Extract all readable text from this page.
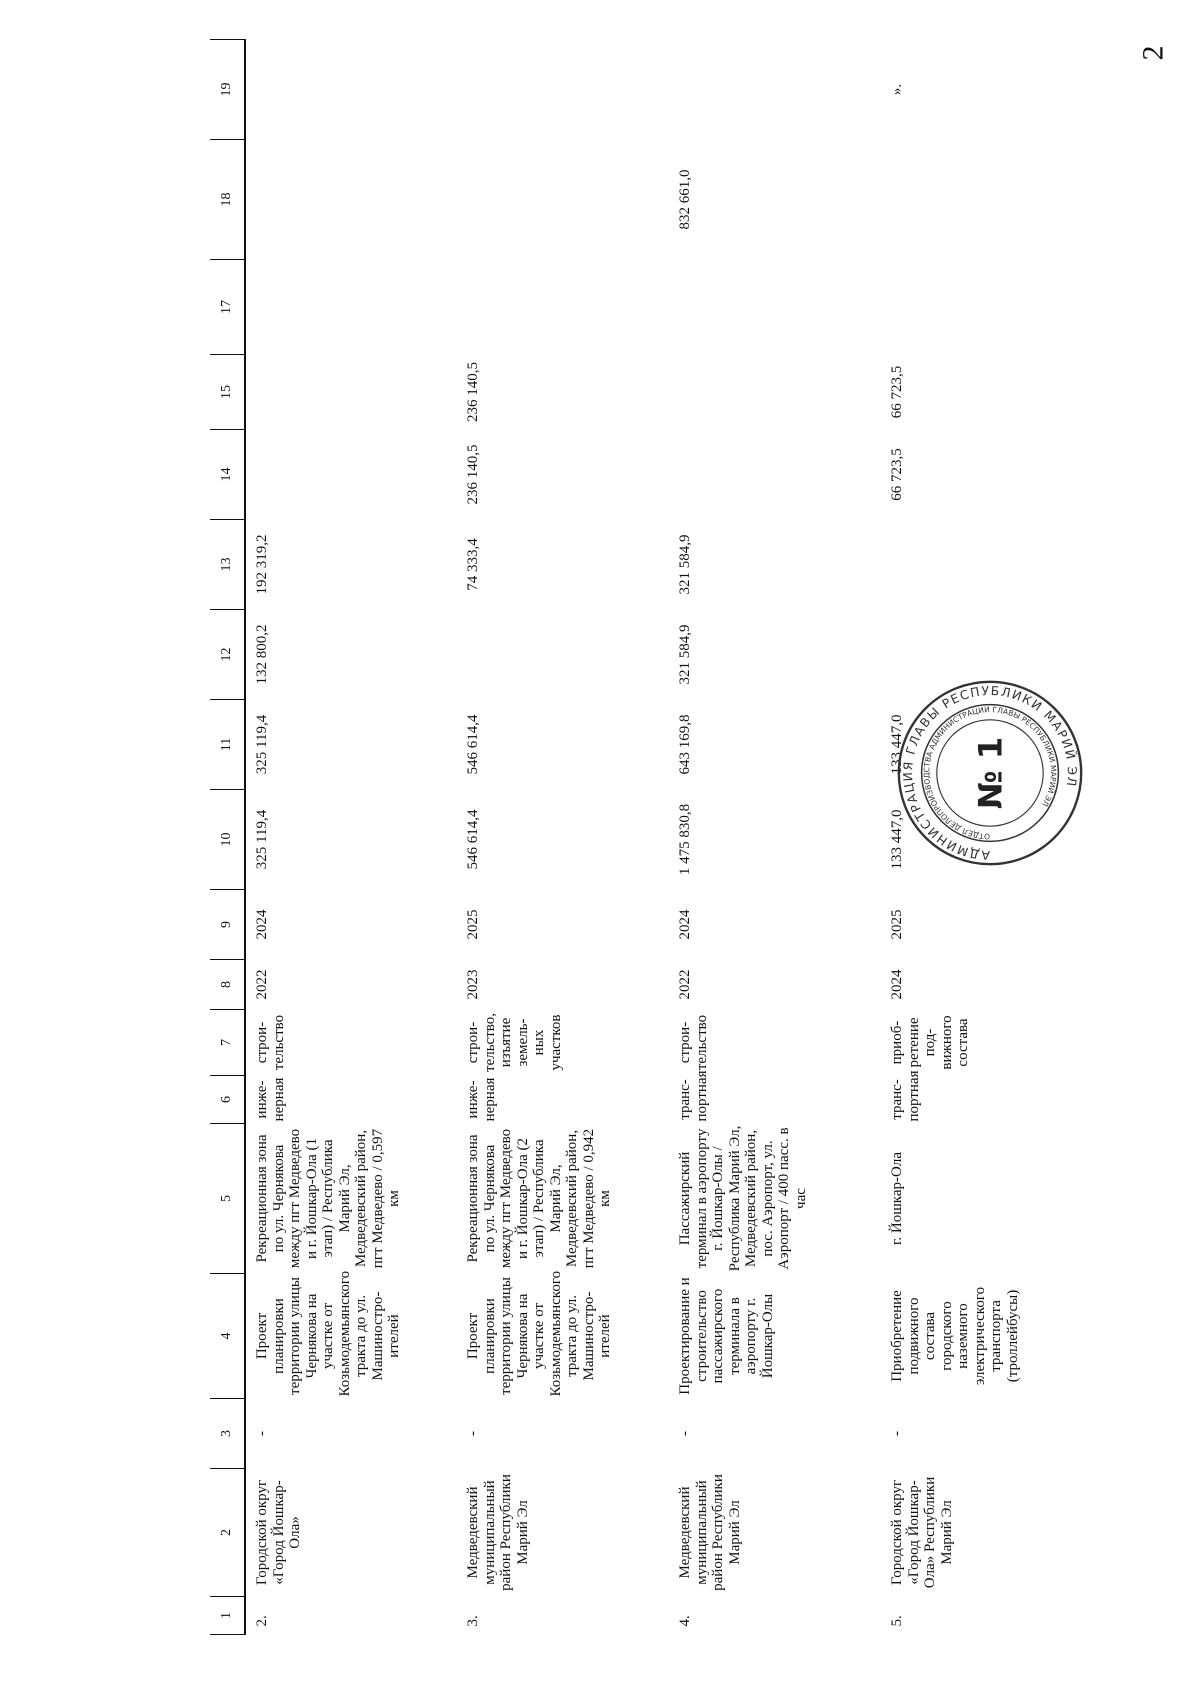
2
1	2	3	4	5	6	7	8	9	10	11	12	13	14	15	17	18	19
2.	Городской округ «Город Йошкар-Ола»	-	Проект планировки территории улицы Чернякова на участке от Козьмодемьянского тракта до ул. Машиностро-ителей	Рекреационная зона по ул. Чернякова между пгт Медведево и г. Йошкар-Ола (1 этап) / Республика Марий Эл, Медведевский район, пгт Медведево / 0,597 км	инже-нерная	строи-тельство	2022	2024	325 119,4	325 119,4	132 800,2	192 319,2					
3.	Медведевский муниципальный район Республики Марий Эл	-	Проект планировки территории улицы Чернякова на участке от Козьмодемьянского тракта до ул. Машиностро-ителей	Рекреационная зона по ул. Чернякова между пгт Медведево и г. Йошкар-Ола (2 этап) / Республика Марий Эл, Медведевский район, пгт Медведево / 0,942 км	инже-нерная	строи-тельство, изъятие земель-ных участков	2023	2025	546 614,4	546 614,4		74 333,4	236 140,5	236 140,5			
4.	Медведевский муниципальный район Республики Марий Эл	-	Проектирование и строительство пассажирского терминала в аэропорту г. Йошкар-Олы	Пассажирский терминал в аэропорту г. Йошкар-Олы / Республика Марий Эл, Медведевский район, пос. Аэропорт, ул. Аэропорт / 400 пасс. в час	транс-портная	строи-тельство	2022	2024	1 475 830,8	643 169,8	321 584,9	321 584,9				832 661,0	
5.	Городской округ «Город Йошкар-Ола» Республики Марий Эл	-	Приобретение подвижного состава городского наземного электрического транспорта (троллейбусы)	г. Йошкар-Ола	транс-портная	приоб-ретение под-вижного состава	2024	2025	133 447,0	133 447,0			66 723,5	66 723,5			».
АДМИНИСТРАЦИЯ ГЛАВЫ РЕСПУБЛИКИ МАРИЙ ЭЛ
ОТДЕЛ ДЕЛОПРОИЗВОДСТВА АДМИНИСТРАЦИИ ГЛАВЫ РЕСПУБЛИКИ МАРИЙ ЭЛ
№ 1
